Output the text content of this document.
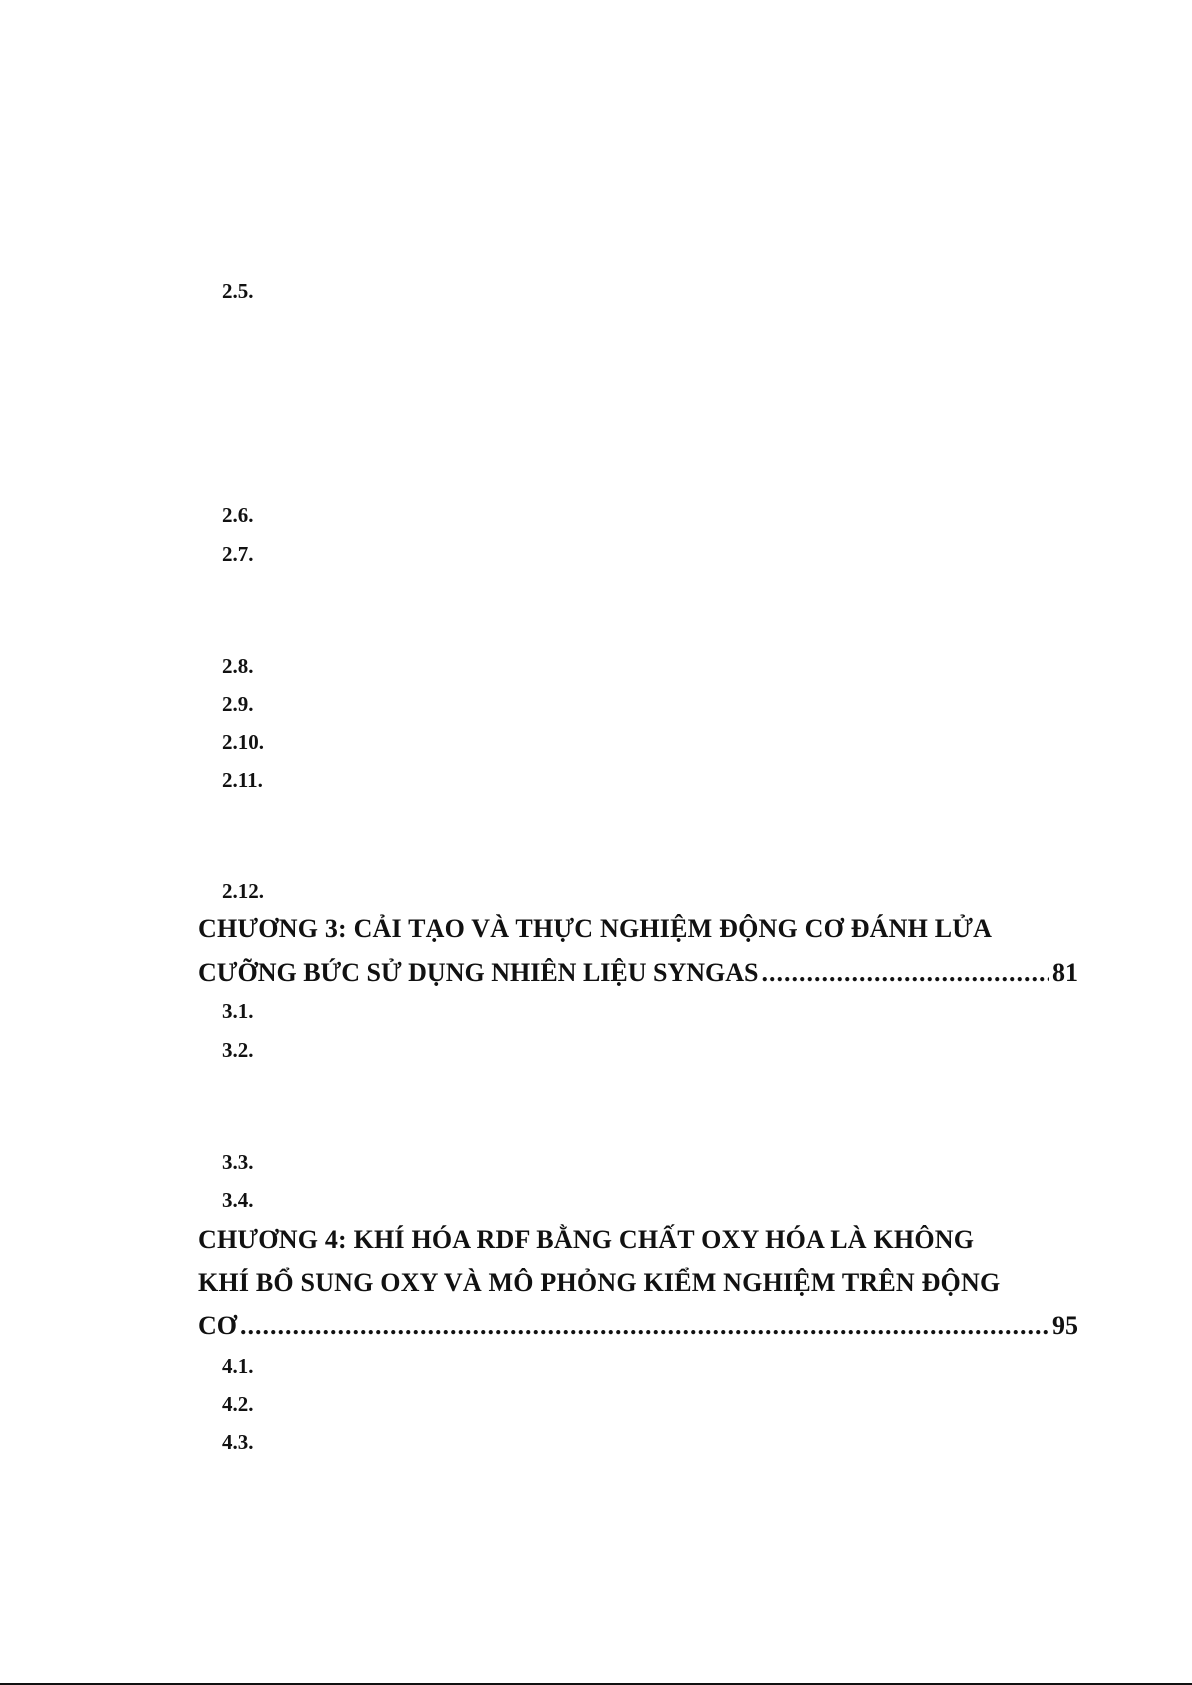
2.5.
2.6.
2.7.
2.8.
2.9.
2.10.
2.11.
2.12.
CHƯƠNG 3: CẢI TẠO VÀ THỰC NGHIỆM ĐỘNG CƠ ĐÁNH LỬA
CƯỠNG BỨC SỬ DỤNG NHIÊN LIỆU SYNGAS .....	81
3.1.
3.2.
3.3.
3.4.
CHƯƠNG 4: KHÍ HÓA RDF BẰNG CHẤT OXY HÓA LÀ KHÔNG
KHÍ BỔ SUNG OXY VÀ MÔ PHỎNG KIỂM NGHIỆM TRÊN ĐỘNG
CƠ .....	95
4.1.
4.2.
4.3.
